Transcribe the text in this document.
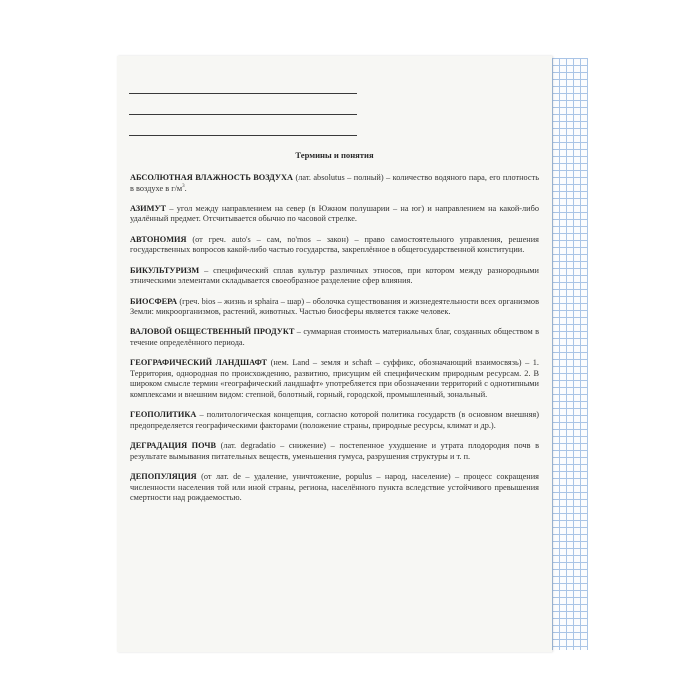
Термины и понятия

АБСОЛЮТНАЯ ВЛАЖНОСТЬ ВОЗДУХА (лат. absolutus – полный) – количество водяного пара, его плотность в воздухе в $г/м^3$.

АЗИМУТ – угол между направлением на север (в Южном полушарии – на юг) и направлением на какой-либо удалённый предмет. Отсчитывается обычно по часовой стрелке.

АВТОНОМИЯ (от греч. auto's – сам, no'mos – закон) – право самостоятельного управления, решения государственных вопросов какой-либо частью государства, закреплённое в общегосударственной конституции.

БИКУЛЬТУРИЗМ – специфический сплав культур различных этносов, при котором между разнородными этническими элементами складывается своеобразное разделение сфер влияния.

БИОСФЕРА (греч. bios – жизнь и sphaira – шар) – оболочка существования и жизнедеятельности всех организмов Земли: микроорганизмов, растений, животных. Частью биосферы является также человек.

ВАЛОВОЙ ОБЩЕСТВЕННЫЙ ПРОДУКТ – суммарная стоимость материальных благ, созданных обществом в течение определённого периода.

ГЕОГРАФИЧЕСКИЙ ЛАНДШАФТ (нем. Land – земля и schaft – суффикс, обозначающий взаимосвязь) – 1. Территория, однородная по происхождению, развитию, присущим ей специфическим природным ресурсам. 2. В широком смысле термин «географический ландшафт» употребляется при обозначении территорий с однотипными комплексами и внешним видом: степной, болотный, горный, городской, промышленный, зональный.

ГЕОПОЛИТИКА – политологическая концепция, согласно которой политика государств (в основном внешняя) предопределяется географическими факторами (положение страны, природные ресурсы, климат и др.).

ДЕГРАДАЦИЯ ПОЧВ (лат. degradatio – снижение) – постепенное ухудшение и утрата плодородия почв в результате вымывания питательных веществ, уменьшения гумуса, разрушения структуры и т. п.

ДЕПОПУЛЯЦИЯ (от лат. de – удаление, уничтожение, populus – народ, население) – процесс сокращения численности населения той или иной страны, региона, населённого пункта вследствие устойчивого превышения смертности над рождаемостью.
